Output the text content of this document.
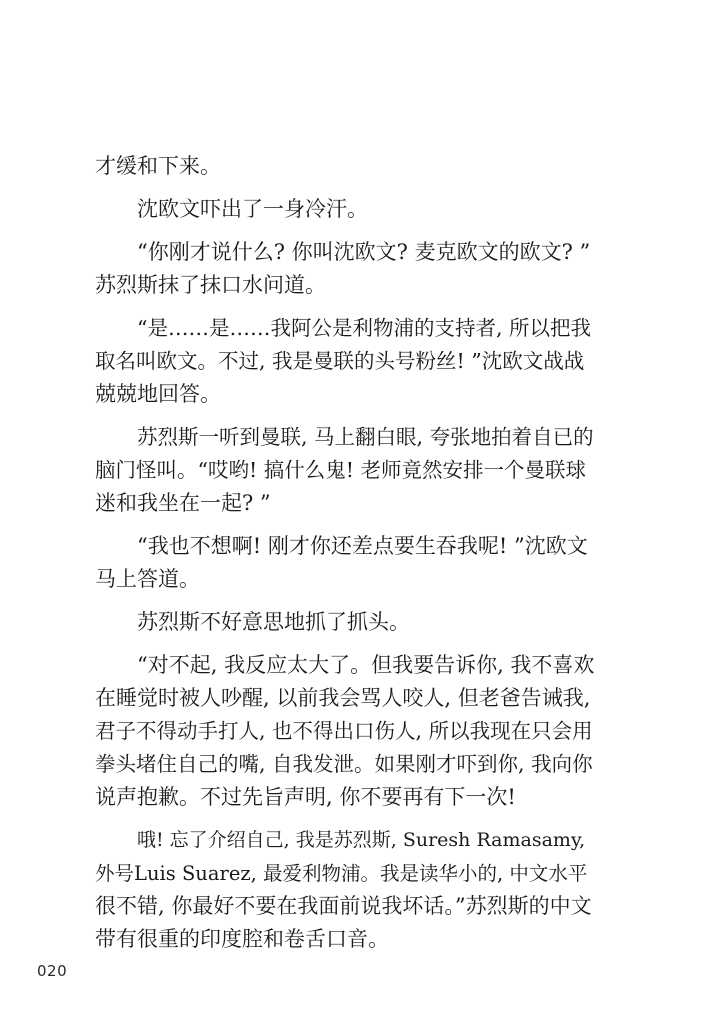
才缓和下来。

沈欧文吓出了一身冷汗。

“你刚才说什么? 你叫沈欧文? 麦克欧文的欧文? ”
苏烈斯抹了抹口水问道。

“是……是……我阿公是利物浦的支持者, 所以把我
取名叫欧文。不过, 我是曼联的头号粉丝! ”沈欧文战战
兢兢地回答。

苏烈斯一听到曼联, 马上翻白眼, 夸张地拍着自已的
脑门怪叫。“哎哟! 搞什么鬼! 老师竟然安排一个曼联球
迷和我坐在一起? ”

“我也不想啊! 刚才你还差点要生吞我呢! ”沈欧文
马上答道。

苏烈斯不好意思地抓了抓头。

“对不起, 我反应太大了。但我要告诉你, 我不喜欢
在睡觉时被人吵醒, 以前我会骂人咬人, 但老爸告诫我,
君子不得动手打人, 也不得出口伤人, 所以我现在只会用
拳头堵住自己的嘴, 自我发泄。如果刚才吓到你, 我向你
说声抱歉。不过先旨声明, 你不要再有下一次!

哦! 忘了介绍自己, 我是苏烈斯, Suresh Ramasamy,
外号Luis Suarez, 最爱利物浦。我是读华小的, 中文水平
很不错, 你最好不要在我面前说我坏话。”苏烈斯的中文
带有很重的印度腔和卷舌口音。

020
